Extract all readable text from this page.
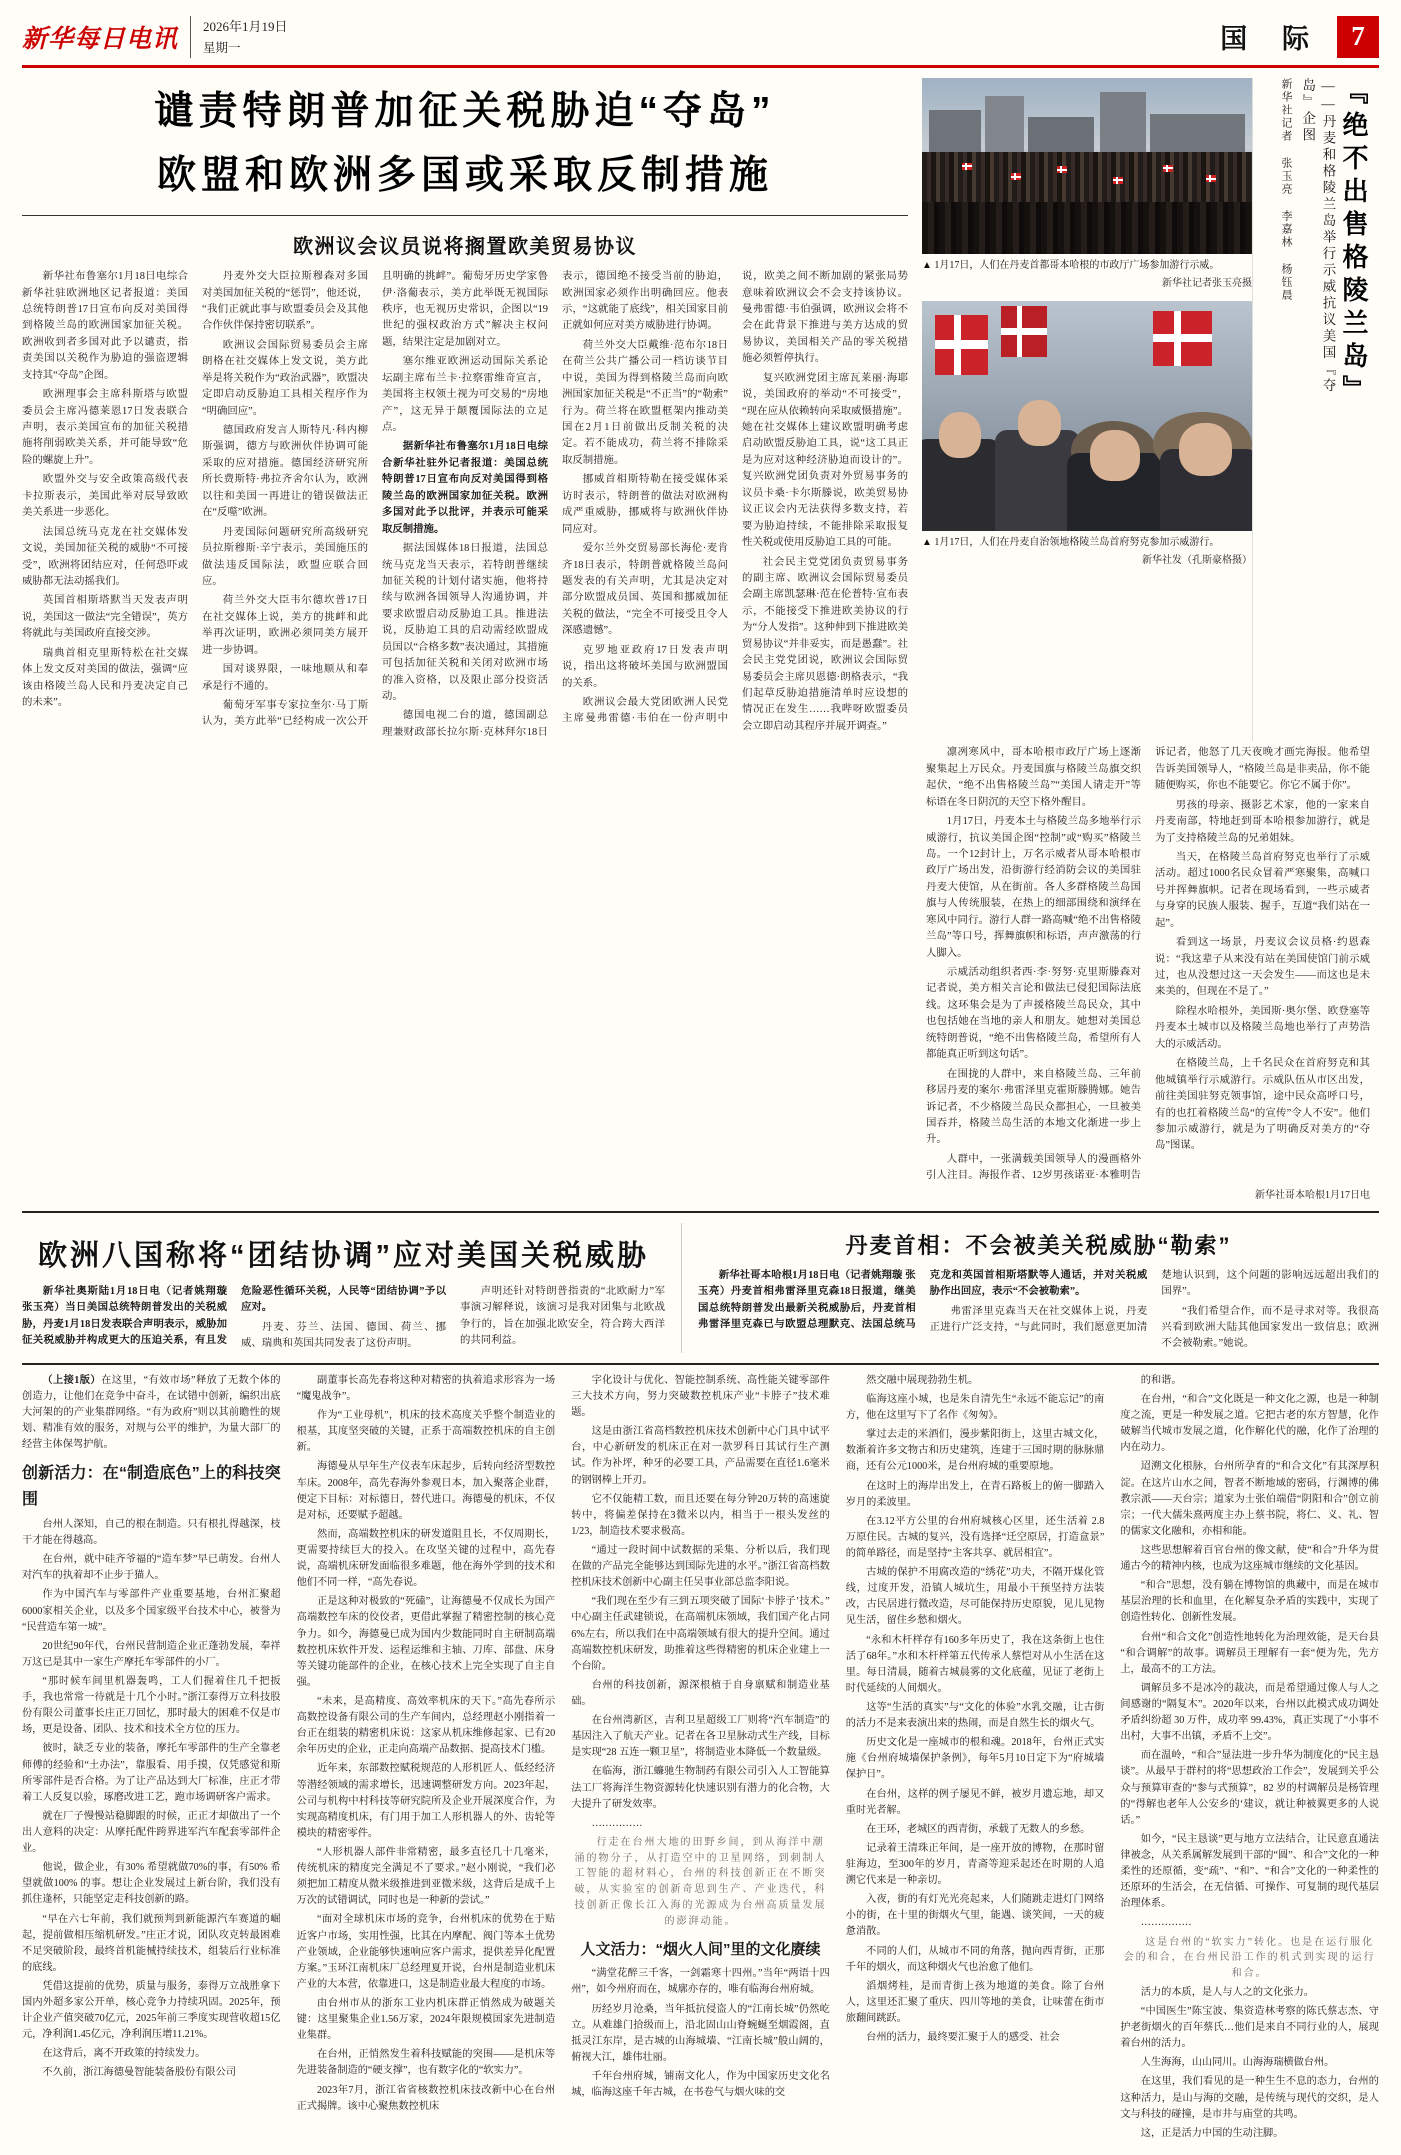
新华每日电讯	2026年1月19日
星期一	国 际	7
谴责特朗普加征关税胁迫“夺岛”
欧盟和欧洲多国或采取反制措施
欧洲议会议员说将搁置欧美贸易协议

新华社布鲁塞尔1月18日电综合新华社驻欧洲地区记者报道：美国总统特朗普17日宣布向反对美国得到格陵兰岛的欧洲国家加征关税。欧洲收到者多国对此予以谴责，指责美国以关税作为胁迫的强盗逻辑支持其“夺岛”企图。

欧洲理事会主席科斯塔与欧盟委员会主席冯德莱恩17日发表联合声明，表示美国宣布的加征关税措施将削弱欧美关系，并可能导致“危险的螺旋上升”。

欧盟外交与安全政策高级代表卡拉斯表示，美国此举对辰导致欧美关系进一步恶化。

法国总统马克龙在社交媒体发文说，美国加征关税的威胁“不可接受”，欧洲将团结应对，任何恐吓或威胁都无法动摇我们。

英国首相斯塔默当天发表声明说，美国这一做法“完全错误”，英方将就此与美国政府直接交涉。

瑞典首相克里斯特松在社交媒体上发文反对美国的做法，强调“应该由格陵兰岛人民和丹麦决定自己的未来”。

丹麦外交大臣拉斯穆森对多国对美国加征关税的“惩罚”，他还说，“我们正就此事与欧盟委员会及其他合作伙伴保持密切联系”。

欧洲议会国际贸易委员会主席朗格在社交媒体上发文说，美方此举是将关税作为“政治武器”，欧盟决定即启动反胁迫工具相关程序作为“明确回应”。

德国政府发言人斯特凡·科内柳斯强调，德方与欧洲伙伴协调可能采取的应对措施。德国经济研究所所长费斯特·弗拉齐舍尔认为，欧洲以往和美国一再进让的错误做法正在“反噬”欧洲。

丹麦国际问题研究所高级研究员拉斯穆斯·辛宁表示，美国施压的做法违反国际法，欧盟应联合回应。

荷兰外交大臣韦尔德坎普17日在社交媒体上说，美方的挑衅和此举再次证明，欧洲必须同美方展开进一步协调。

国对谈界限，一味地顺从和奉承是行不通的。

葡萄牙军事专家拉奎尔·马丁斯认为，美方此举“已经构成一次公开且明确的挑衅”。葡萄牙历史学家鲁伊·洛葡表示，美方此举既无视国际秩序，也无视历史常识，企图以“19世纪的强权政治方式”解决主权问题，结果注定是加剧对立。

塞尔维亚欧洲运动国际关系论坛副主席布兰卡·拉察雷维奇宣言，美国将主权领土视为可交易的“房地产”，这无异于颠覆国际法的立足点。

据新华社布鲁塞尔1月18日电综合新华社驻外记者报道：美国总统特朗普17日宣布向反对美国得到格陵兰岛的欧洲国家加征关税。欧洲多国对此予以批评，并表示可能采取反制措施。

据法国媒体18日报道，法国总统马克龙当天表示，若特朗普继续加征关税的计划付诸实施，他将持续与欧洲各国领导人沟通协调，并要求欧盟启动反胁迫工具。推进法说，反胁迫工具的启动需经欧盟成员国以“合格多数”表决通过，其措施可包括加征关税和关闭对欧洲市场的准入资格，以及限止部分投资活动。

德国电视二台的道，德国副总理兼财政部长拉尔斯·克林拜尔18日表示，德国绝不接受当前的胁迫，欧洲国家必须作出明确回应。他表示，“这就能了底线”，相关国家目前正就如何应对美方威胁进行协调。

荷兰外交大臣戴维·范布尔18日在荷兰公共广播公司一档访谈节目中说，美国为得到格陵兰岛而向欧洲国家加征关税是“不正当”的“勒索”行为。荷兰将在欧盟框架内推动美国在2月1日前做出反制关税的决定。若不能成功，荷兰将不排除采取反制措施。

挪威首相斯特勒在接受媒体采访时表示，特朗普的做法对欧洲构成严重威胁，挪威将与欧洲伙伴协同应对。

爱尔兰外交贸易部长海伦·麦肯齐18日表示，特朗普就格陵兰岛问题发表的有关声明，尤其是决定对部分欧盟成员国、英国和挪威加征关税的做法，“完全不可接受且令人深感遗憾”。

克罗地亚政府17日发表声明说，指出这将破坏美国与欧洲盟国的关系。

欧洲议会最大党团欧洲人民党主席曼弗雷德·韦伯在一份声明中说，欧美之间不断加剧的紧张局势意味着欧洲议会不会支持该协议。曼弗雷德·韦伯强调，欧洲议会将不会在此背景下推进与美方达成的贸易协议，美国相关产品的零关税措施必须暂停执行。

复兴欧洲党团主席瓦莱丽·海耶说，美国政府的举动“不可接受”，“现在应从依赖转向采取威慑措施”。她在社交媒体上建议欧盟明确考虑启动欧盟反胁迫工具，说“这工具正是为应对这种经济胁迫而设计的”。复兴欧洲党团负责对外贸易事务的议员卡桑·卡尔斯滕说，欧美贸易协议正议会内无法获得多数支持，若要为胁迫持续，不能排除采取报复性关税或使用反胁迫工具的可能。

社会民主党党团负责贸易事务的副主席、欧洲议会国际贸易委员会副主席凯瑟琳·范在伦普特·宣布表示，不能接受下推进欧美协议的行为“分人发指”。这种伸到下推进欧美贸易协议“并非妥实，而是愚蠢”。社会民主党党团说，欧洲议会国际贸易委员会主席贝恩德·朗格表示，“我们起草反胁迫措施清单时应设想的情况正在发生……我哔呀欧盟委员会立即启动其程序并展开调查。”

▲ 1月17日，人们在丹麦首都哥本哈根的市政厅广场参加游行示威。
新华社记者张玉亮摄
▲ 1月17日，人们在丹麦自治领地格陵兰岛首府努克参加示威游行。
新华社发（孔斯豪格摄）
『绝不出售格陵兰岛』
——丹麦和格陵兰岛举行示威抗议美国『夺岛』企图
新华社记者 张玉亮 李嘉林 杨钰晨

凛冽寒风中，哥本哈根市政厅广场上逐渐聚集起上万民众。丹麦国旗与格陵兰岛旗交织起伏，“绝不出售格陵兰岛”“美国人请走开”等标语在冬日阴沉的天空下格外醒目。

1月17日，丹麦本土与格陵兰岛多地举行示威游行，抗议美国企图“控制”或“购买”格陵兰岛。一个12封计上，万名示威者从哥本哈根市政厅广场出发，沿街游行经消防会议的美国驻丹麦大使馆，从在街前。各人多群格陵兰岛国旗与人传统服装，在热上的细部围绕和演绎在寒风中同行。游行人群一路高喊“绝不出售格陵兰岛”等口号，挥舞旗帜和标语，声声激荡的行人脚入。

示威活动组织者西·李·努努·克里斯滕森对记者说，美方相关言论和做法已侵犯国际法底线。这环集会是为了声援格陵兰岛民众，其中也包括她在当地的亲人和朋友。她想对美国总统特朗普说，“绝不出售格陵兰岛，希望所有人都能真正听到这句话”。

在围拢的人群中，来自格陵兰岛、三年前移居丹麦的案尔·弗雷泽里克霍斯滕腾娜。她告诉记者，不少格陵兰岛民众都担心，一旦被美国吞并，格陵兰岛生活的本地文化渐进一步上升。

人群中，一张满载美国领导人的漫画格外引人注目。海报作者、12岁男孩诺亚·本雅明告诉记者，他怒了几天夜晚才画完海报。他希望告诉美国领导人，“格陵兰岛是非卖品，你不能随便购买，你也不能要它。你它不属于你”。

男孩的母亲、摄影艺术家，他的一家来自丹麦南部，特地赶到哥本哈根参加游行，就是为了支持格陵兰岛的兄弟姐妹。

当天，在格陵兰岛首府努克也举行了示威活动。超过1000名民众冒着严寒聚集，高喊口号并挥舞旗帜。记者在现场看到，一些示威者与身穿的民族人服装、握手，互道“我们站在一起”。

看到这一场景，丹麦议会议员格·约恩森说：“我这辈子从来没有站在美国使馆门前示威过，也从没想过这一天会发生——而这也是未来美的，但现在不是了。”

除程水哈根外，美国斯·奥尔堡、欧登塞等丹麦本土城市以及格陵兰岛地也举行了声势浩大的示威活动。

在格陵兰岛，上千名民众在首府努克和其他城镇举行示威游行。示威队伍从市区出发，前往美国驻努克领事馆，途中民众高呼口号，有的也扛着格陵兰岛“的宣传”令人不安”。他们参加示威游行，就是为了明确反对美方的“夺岛”图谋。

新华社哥本哈根1月17日电
欧洲八国称将“团结协调”应对美国关税威胁

新华社奥斯陆1月18日电（记者姚翔璇 张玉亮）当日美国总统特朗普发出的关税威胁，丹麦1月18日发表联合声明表示，威胁加征关税威胁并构成更大的压迫关系，有且发危险恶性循环关税，人民等“团结协调”予以应对。

丹麦、芬兰、法国、德国、荷兰、挪威、瑞典和英国共同发表了这份声明。

声明还针对特朗普指责的“北欧耐力”军事演习解释说，该演习是我对团集与北欧战争行的，旨在加强北欧安全，符合跨大西洋的共同利益。

丹麦首相：不会被美关税威胁“勒索”

新华社哥本哈根1月18日电（记者姚翔璇 张玉亮）丹麦首相弗雷泽里克森18日报道，继美国总统特朗普发出最新关税威胁后，丹麦首相弗雷泽里克森已与欧盟总理默克、法国总统马克龙和英国首相斯塔默等人通话，并对关税威胁作出回应，表示“不会被勒索”。

弗雷泽里克森当天在社交媒体上说，丹麦正进行广泛支持，“与此同时，我们愿意更加清楚地认识到，这个问题的影响远远超出我们的国界”。

“我们希望合作，而不是寻求对等。我很高兴看到欧洲大陆其他国家发出一致信息；欧洲不会被勒索。”她说。

（上接1版）在这里，“有效市场”释放了无数个体的创造力，让他们在竞争中奋斗，在试错中创新，编织出底大河架的的产业集群网络。“有为政府”则以其前瞻性的规划、精准有效的服务，对规与公平的维护，为量大部厂的经营主体保驾护航。

创新活力：在“制造底色”上的科技突围

台州人深知，自己的根在制造。只有根扎得越深，枝干才能在得越高。

在台州，就中硅齐爷福的“造车梦”早已萌发。台州人对汽车的执着却不止步于猫人。

作为中国汽车与零部件产业重要基地，台州汇聚超6000家相关企业，以及多个国家级平台技术中心，被誉为“民营造车第一城”。

20世纪90年代，台州民营制造企业正蓬勃发展，奉祥万这已是其中一家生产摩托车零部件的小厂。

“那时候车间里机器轰鸣，工人们握着住几千把扳手，我也常常一待就是十几个小时。”浙江泰得万立科技股份有限公司董事长庄正刀回忆，那时最大的困难不仅是市场，更是设备、团队、技术和技术全方位的压力。

彼时，缺乏专业的装备，摩托车零部件的生产全靠老师傅的经验和“土办法”，靠服看、用手摸，仅凭感觉和斯所零部件是否合格。为了让产品达到大厂标准，庄正才带着工人反复以验，琢磨改进工艺，跑市场调研客户需求。

就在厂子慢慢站稳脚跟的时候，正正才却做出了一个出人意料的决定：从摩托配件跨界进军汽车配套零部件企业。

他说，做企业，有30% 希望就做70%的事，有50% 希望就做100% 的事。想让企业发展过上新台阶，我们没有抓住逢杯，只能坚定走科技创新的路。

“早在六七年前，我们就预判到新能源汽车赛道的崛起，提前做相压缩机研发。”庄正才说，团队攻克转最困难不足突破阶段，最终首机能械持续技术，组装后行业标准的底线。

凭借这提前的优势，质量与服务，泰得万立战胜拿下国内外超多家公开单，核心竞争力持续巩固。2025年，预计企业产值突破70亿元，2025年前三季度实现营收超15亿元，净利润1.45亿元，净利润压增11.21%。

在这背后，离不开政策的持续发力。

不久前，浙江海德曼智能装备股份有限公司

副董事长高先春将这种对精密的执着追求形容为一场“魔鬼战争”。

作为“工业母机”，机床的技术高度关乎整个制造业的根基，其度坚突破的关键，正系于高端数控机床的自主创新。

海德曼从早年生产仪表车床起步，后转向经济型数控车床。2008年，高先春海外参观日本，加入聚落企业群，便定下目标：对标德日，替代进口。海德曼的机床，不仅是对标，还要赋予超越。

然而，高端数控机床的研发道阻且长，不仅周期长，更需要持续巨大的投入。在攻坚关键的过程中，高先春说，高端机床研发面临很多难题，他在海外学到的技术和他们不同一样，“高先春说。

正是这种对极致的“死磕”，让海德曼不仅成长为国产高端数控车床的佼佼者，更借此掌握了精密控制的核心竞争力。如今，海德曼已成为国内少数能同时自主研制高端数控机床软件开发、运程运维和主轴、刀库、部盘、床身等关键功能部件的企业，在核心技术上完全实现了自主自强。

“未来，是高精度、高效率机床的天下。”高先春所示高数控设备有限公司的生产车间内，总经理赵小刚指着一台正在组装的精密机床说：这家从机床维修起家、已有20余年历史的企业，正走向高端产品数据、提高技术门槛。

近年来，东部数控赋税规范的人形机匠人、低经经济等潜经领域的需求增长，迅速调整研发方向。2023年起，公司与机构中村科技等研究院所及企业开展深度合作，为实现高精度机床，有门用于加工人形机器人的外、齿轮等模块的精密零件。

“人形机器人部件非常精密，最多直径几十几毫米，传统机床的精度完全满足不了要求。”赵小刚说，“我们必须把加工精度从微米级推进到亚微米级，这背后是成千上万次的试错调试，同时也是一种新的尝试。”

“面对全球机床市场的竞争，台州机床的优势在于贴近客户市场，实用性强，比其在内摩配、阀门等本土优势产业领域，企业能够快速响应客户需求，提供差异化配置方案。”玉环江南机床厂总经理夏开说，台州是制造业机床产业的大本营，依靠进口，这是制造业最大程度的市场。

由台州市从的浙东工业内机床群正悄然成为破题关键：这里聚集企业1.56万家，2024年限规模国家先进制造业集群。

在台州，正悄然发生着科技赋能的突围——是机床等先进装备制造的“硬支撑”，也有数字化的“软实力”。

2023年7月，浙江省省核数控机床技改新中心在台州正式揭牌。该中心聚焦数控机床

字化设计与优化、智能控制系统、高性能关键零部件三大技术方向，努力突破数控机床产业“卡脖子”技术难题。

这是由浙江省高档数控机床技术创新中心门具中试平台，中心新研发的机床正在对一款罗科日其试行生产测试。作为补坪，种牙的必要工具，产品需要在直径1.6毫米的钢钢棒上开刃。

它不仅能精工数，而且还要在每分钟20万转的高速旋转中，将偏差保持在3微米以内，相当于一根头发丝的1/23，制造技术要求极高。

“通过一段时间中试数据的采集、分析以后，我们现在做的产品完全能够达到国际先进的水平。”浙江省高档数控机床技术创新中心副主任吴事业部总监李阳说。

“我们现在至少有三到五项突破了国际‘卡脖子’技术。”中心副主任武建锁说，在高端机床领域，我们国产化占同6%左右，所以我们在中高端领域有很大的提升空间。通过高端数控机床研发，助推着这些得精密的机床企业建上一个台阶。

台州的科技创新，源深根植于自身禀赋和制造业基础。

在台州湾新区，吉利卫星超级工厂则将“汽车制造”的基因注入了航天产业。记者在各卫星脉动式生产线，目标是实现“28 五连一颗卫星”，将制造业本降低一个数量级。

在临海，浙江蠊驰生物制药有限公司引入人工智能算法工厂将海洋生物资源转化快速识别有潜力的化合物，大大提升了研发效率。

……………

行走在台州大地的田野乡间，到从海洋中潮涌的物分子，从打造空中的卫星网络，到刺制人工智能的超材料心，台州的科技创新正在不断突破，从实验室的创新奇思到生产、产业迭代，科技创新正像长江入海的光源成为台州高质量发展的澎湃动能。

人文活力：“烟火人间”里的文化赓续

“满堂花醉三千客，一剑霜寒十四州。”当年“两语十四州”，如今州府而在，城廓亦存的，唯有临海台州府城。

历经岁月沧桑，当年抵抗侵盗人的“江南长城”仍然屹立。从难雄门拾级而上，沿北固山山脊蜿蜒至烟霞阁，直抵灵江东岸，是古城的山海城墙、“江南长城”般山阔的，俯视大江，雄伟壮丽。

千年台州府城，铺南文化人，作为中国家历史文化名城，临海这座千年古城，在书卷气与烟火味的交

然交融中展现勃勃生机。

临海这座小城，也是朱自清先生“永远不能忘记”的南方，他在这里写下了名作《匆匆》。

掌过去走的米酒们，漫步紫阳街上，这里古城文化，数渐着许多文物古和历史建筑，连建于三国时期的脉脉鼎商，还有公元1000米，是台州府城的重要原地。

在这时上的海岸出发上，在青石路板上的俯一脚踏入岁月的柔波里。

在3.12平方公里的台州府城核心区里，还生活着 2.8 万原住民。古城的复兴，没有选择“迁空原居，打造盒景”的简单路径，而是坚持“主客共享、就居相宜”。

古城的保护不用腐改造的“绣花”功夫，不隔开煤化管线，过度开发，沿镇人城坑生，用最小干预坚持方法装改，古民居进行微改造，尽可能保持历史原貌，见儿见物见生活，留住乡愁和烟火。

“永和木杆样存有160多年历史了，我在这条街上也住活了68年。”水和木杆样第五代传承人蔡恺对从小生活在这里。每日清晨，随着古城晨雾的文化底蕴，见证了老街上时代延续的人间烟火。

这等“生活的真实”与“文化的体验”水乳交融，让古街的活力不是来表演出来的热闹，而是自然生长的烟火气。

历史文化是一座城市的根和魂。2018年，台州正式实施《台州府城墙保护条例》，每年5月10日定下为“府城墙保护日”。

在台州，这样的例子屡见不鲜，被岁月遗忘地，却又重时光者解。

在王环，老城区的西青街，承载了无数人的乡愁。

记录着王清珠正年间，是一座开放的博物，在那时留驻海边，至300年的岁月，青斋等迎采起还在时期的人追溯它代来是一种亲切。

入夜，街的有灯光光亮起来，人们随跳走进灯门网络小的街，在十里的街烟火气里，能遇、谈笑间，一天的疲惫消散。

不同的人们，从城市不同的角落，抛向西青街，正那千年的烟火，而这种烟火气也治愈了他们。

滔烟烤桂，是而青街上孩为地道的美食。除了台州人，这里还汇聚了重庆、四川等地的美食，让味蕾在街市旅翻间跳跃。

台州的活力，最终要汇聚于人的感受、社会

的和谐。

在台州，“和合”文化既是一种文化之源，也是一种制度之流，更是一种发展之道。它把古老的东方智慧，化作破解当代城市发展之道，化作解化代的融，化作了治理的内在动力。

迢溯文化根脉，台州所孕育的“和合文化”有其深厚积淀。在这片山水之间，智者不断地域的密码，行渊博的佛教宗派——天台宗；道家为士张伯端借“阴阳和合”创立前宗；一代大儒朱熹两度主办上蔡书院，将仁、义、礼、智的儒家文化融和，亦相和能。

这些思想解着百官台州的像文献，使“和合”升华为贯通古今的精神内核，也成为这座城市继续的文化基因。

“和合”思想，没有躺在博物馆的典藏中，而是在城市基层治理的长和血里，在化解复杂矛盾的实践中，实现了创造性转化、创新性发展。

台州“和合文化”创造性地转化为治理效能，是天台县“和合调解”的故事。调解员王理解有一套“便为先，先方上，最高不的工方法。

调解员多不是冰冷的裁决，而是希望通过像人与人之间感谢的“隔复木”。2020年以来，台州以此模式成功调处矛盾纠纷超 30 万件，成功率 99.43%，真正实现了“小事不出村，大事不出镇，矛盾不上交”。

而在温岭，“和合”显法进一步升华为制度化的“民主恳谈”。从最早于群村的将“思想政治工作会”，发展到关乎公众与预算审查的“参与式预算”，82 岁的村调解员是杨管理的“得解也老年人公安乡的‘建议，就让种被翼更多的人说话。”

如今，“民主恳谈”更与地方立法结合，让民意直通法律被念，从关系属解发展到干部的“圆”、和合”文化的一种柔性的还原循，变“疏”、“和”、“和合”文化的一种柔性的还原环的生活会，在无信循、可操作、可复制的现代基层治理体系。

……………

这是台州的“软实力”转化。也是在运行服化会的和合，在台州民沿工作的机式到实现的运行和合。

活力的本质，是人与人之的文化张力。

“中国医生”陈宝波、集资造林考察的陈氏蔡志杰、守护老街烟火的百年蔡氏…他们是来自不同行业的人，展现着台州的活力。

人生海海，山山同川。山海海瑞横做台州。

在这里，我们看见的是一种生生不息的态力，台州的这种活力，是山与海的交融，是传统与现代的交织，是人文与科技的碰撞，是市井与庙堂的共鸣。

这，正是活力中国的生动注脚。
